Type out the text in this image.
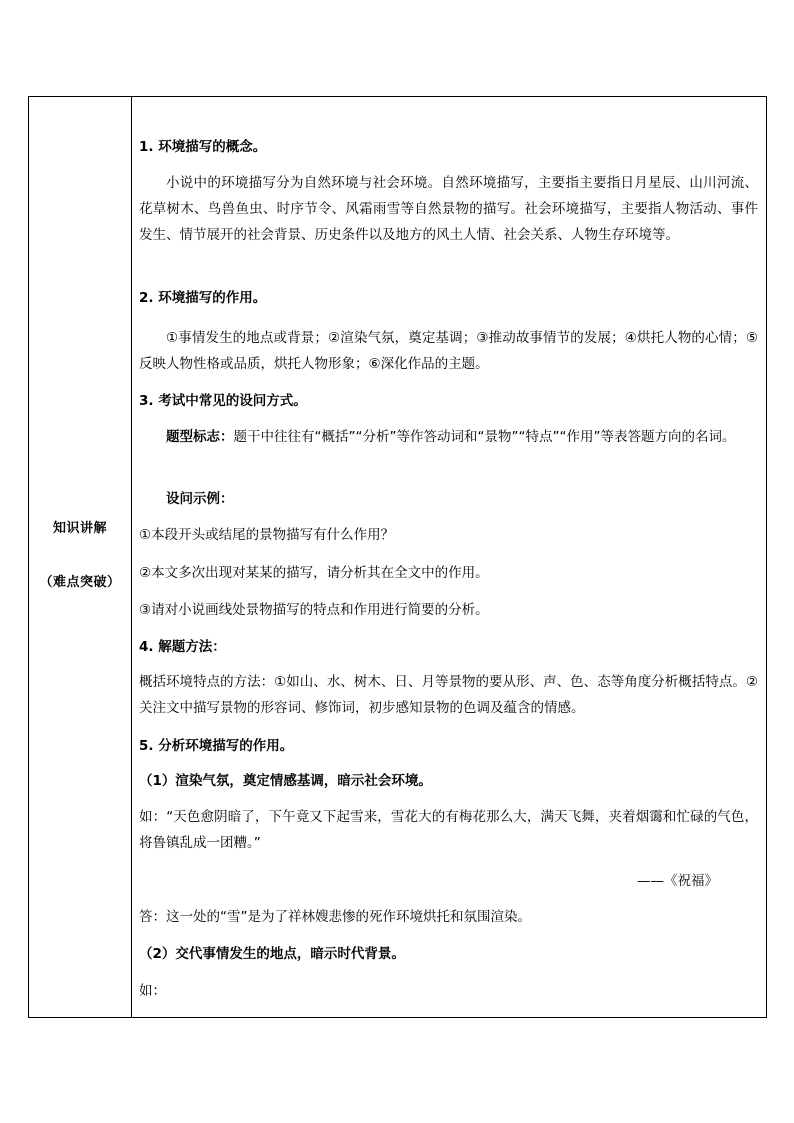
知识讲解
（难点突破）
1. 环境描写的概念。
小说中的环境描写分为自然环境与社会环境。自然环境描写，主要指主要指日月星辰、山川河流、花草树木、鸟兽鱼虫、时序节令、风霜雨雪等自然景物的描写。社会环境描写，主要指人物活动、事件发生、情节展开的社会背景、历史条件以及地方的风土人情、社会关系、人物生存环境等。
2. 环境描写的作用。
①事情发生的地点或背景；②渲染气氛，奠定基调；③推动故事情节的发展；④烘托人物的心情；⑤反映人物性格或品质，烘托人物形象；⑥深化作品的主题。
3. 考试中常见的设问方式。
题型标志：题干中往往有“概括”“分析”等作答动词和“景物”“特点”“作用”等表答题方向的名词。
设问示例：
①本段开头或结尾的景物描写有什么作用？
②本文多次出现对某某的描写，请分析其在全文中的作用。
③请对小说画线处景物描写的特点和作用进行简要的分析。
4. 解题方法：
概括环境特点的方法：①如山、水、树木、日、月等景物的要从形、声、色、态等角度分析概括特点。②关注文中描写景物的形容词、修饰词，初步感知景物的色调及蕴含的情感。
5. 分析环境描写的作用。
（1）渲染气氛，奠定情感基调，暗示社会环境。
如：“天色愈阴暗了，下午竟又下起雪来，雪花大的有梅花那么大，满天飞舞，夹着烟霭和忙碌的气色，将鲁镇乱成一团糟。”
——《祝福》
答：这一处的“雪”是为了祥林嫂悲惨的死作环境烘托和氛围渲染。
（2）交代事情发生的地点，暗示时代背景。
如：
